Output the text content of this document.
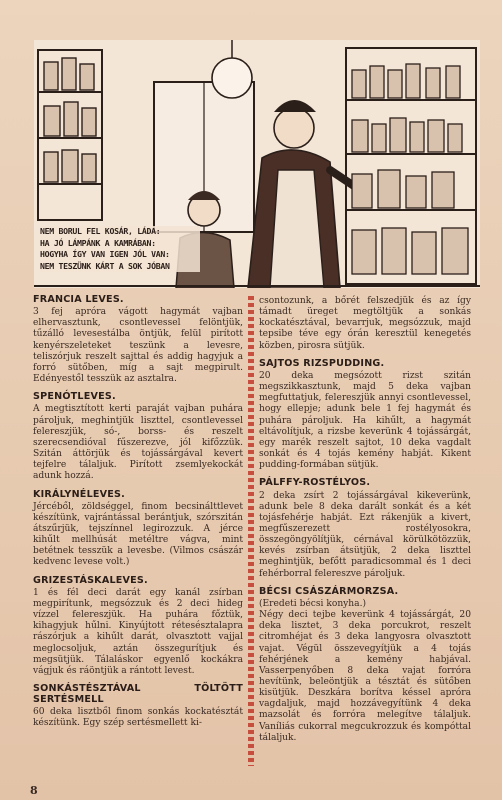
NEM BORUL FEL KOSÁR, LÁDA:
HA JÓ LÁMPÁNK A KAMRÁBAN:
HOGYHA ÍGY VAN IGEN JÓL VAN:
NEM TESZÜNK KÁRT A SOK JÓBAN
FRANCIA LEVES.

3 fej apróra vágott hagymát vajban elhervasztunk, csontlevessel felöntjük, tűzálló levesestálba öntjük, felül pirított kenyérszeleteket teszünk a levesre, teliszórjuk reszelt sajttal és addig hagyjuk a forró sütőben, míg a sajt megpirult. Edényestől tesszük az asztalra.

SPENÓTLEVES.

A megtisztított kerti paraját vajban puhára pároljuk, meghintjük liszttel, csontlevessel felereszjük, só-, borss- és reszelt szerecsendióval fűszerezve, jól kifőzzük. Szitán áttörjük és tojássárgával kevert tejfelre tálaljuk. Pirított zsemlyekockát adunk hozzá.

KIRÁLYNÉLEVES.

Jércéből, zöldséggel, finom becsinálttlevet készítünk, vajrántással berántjuk, szórszitán átszűrjük, tejszínnel legirozzuk. A jérce kihűlt mellhúsát metéltre vágva, mint betétnek tesszük a levesbe. (Vilmos császár kedvenc levese volt.)

GRIZESTÁSKALEVES.

1 és fél deci darát egy kanál zsírban megpirítunk, megsózzuk és 2 deci hideg vízzel felereszjük. Ha puhára főztük, kihagyjuk hűlni. Kinyújtott rétesésztalapra rászórjuk a kihűlt darát, olvasztott vajjal meglocsoljuk, aztán összegurítjuk és megsütjük. Tálaláskor egyenlő kockákra vágjuk és ráöntjük a rántott levest.

SONKÁSTÉSZTÁVAL TÖLTÖTT SERTÉSMELL

60 deka lisztből finom sonkás kockatésztát készítünk. Egy szép sertésmellett ki-

csontozunk, a bőrét felszedjük és az így támadt üreget megtöltjük a sonkás kockatésztával, bevarrjuk, megsózzuk, majd tepsibe téve egy órán keresztül kenegetés közben, pirosra sütjük.

SAJTOS RIZSPUDDING.

20 deka megsózott rizst szitán megszikkasztunk, majd 5 deka vajban megfuttatjuk, felereszjük annyi csontlevessel, hogy ellepje; adunk bele 1 fej hagymát és puhára pároljuk. Ha kihűlt, a hagymát eltávolítjuk, a rizsbe keverünk 4 tojássárgát, egy marék reszelt sajtot, 10 deka vagdalt sonkát és 4 tojás kemény habját. Kikent pudding-formában sütjük.

PÁLFFY-ROSTÉLYOS.

2 deka zsírt 2 tojássárgával kikeverünk, adunk bele 8 deka darált sonkát és a két tojásfehérje habját. Ezt rákenjük a kivert, megfűszerezett rostélyosokra, összegöngyölítjük, cérnával körülkötözzük, kevés zsírban átsütjük, 2 deka liszttel meghintjük, befőtt paradicsommal és 1 deci fehérborral felereszve pároljuk.

BÉCSI CSÁSZÁRMORZSA.

(Eredeti bécsi konyha.)
Négy deci tejbe keverünk 4 tojássárgát, 20 deka lisztet, 3 deka porcukrot, reszelt citromhéjat és 3 deka langyosra olvasztott vajat. Végül összevegyítjük a 4 tojás fehérjének a kemény habjával. Vasserpenyőben 8 deka vajat forróra hevítünk, beleöntjük a tésztát és sütőben kisütjük. Deszkára borítva késsel apróra vagdaljuk, majd hozzávegyítünk 4 deka mazsolát és forróra melegítve tálaljuk. Vaníliás cukorral megcukrozzuk és kompóttal tálaljuk.

8
